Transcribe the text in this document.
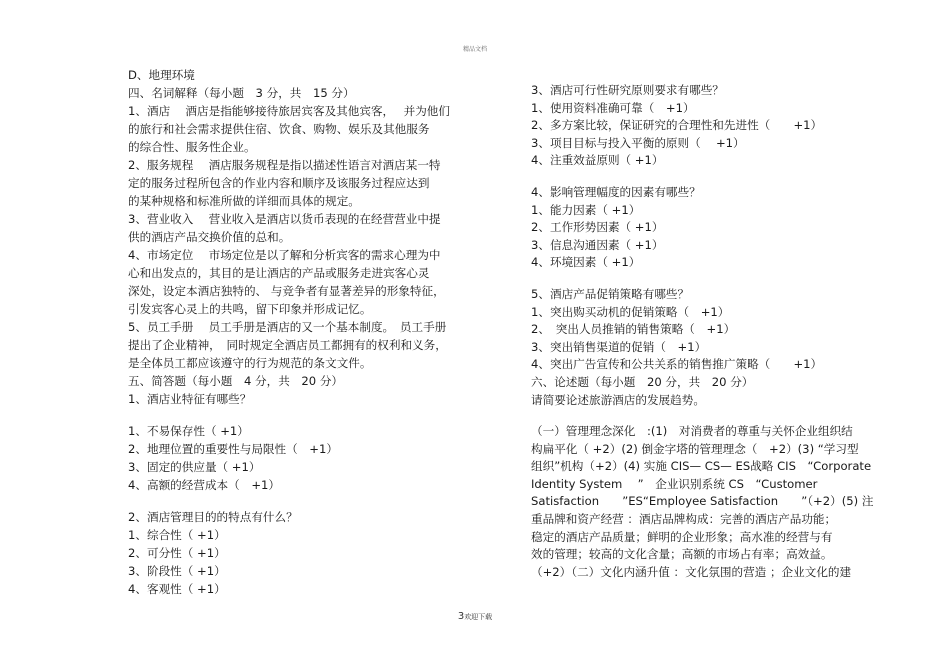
精品文档
D、地理环境
四、名词解释（每小题　3 分，共　15 分）
1、酒店　 酒店是指能够接待旅居宾客及其他宾客，　 并为他们
的旅行和社会需求提供住宿、饮食、购物、娱乐及其他服务
的综合性、服务性企业。
2、服务规程　 酒店服务规程是指以描述性语言对酒店某一特
定的服务过程所包含的作业内容和顺序及该服务过程应达到
的某种规格和标准所做的详细而具体的规定。
3、营业收入　 营业收入是酒店以货币表现的在经营营业中提
供的酒店产品交换价值的总和。
4、市场定位　 市场定位是以了解和分析宾客的需求心理为中
心和出发点的，其目的是让酒店的产品或服务走进宾客心灵
深处，设定本酒店独特的、 与竞争者有显著差异的形象特征，
引发宾客心灵上的共鸣，留下印象并形成记忆。
5、员工手册　 员工手册是酒店的又一个基本制度。　员工手册
提出了企业精神，　同时规定全酒店员工都拥有的权利和义务，
是全体员工都应该遵守的行为规范的条文文件。
五、简答题（每小题　4 分，共　20 分）
1、酒店业特征有哪些？
1、不易保存性（ +1）
2、地理位置的重要性与局限性（　+1）
3、固定的供应量（ +1）
4、高额的经营成本（　+1）
2、酒店管理目的的特点有什么？
1、综合性（ +1）
2、可分性（ +1）
3、阶段性（ +1）
4、客观性（ +1）
3、酒店可行性研究原则要求有哪些？
1、使用资料准确可靠（　+1）
2、多方案比较，保证研究的合理性和先进性（　　+1）
3、项目目标与投入平衡的原则（　 +1）
4、注重效益原则（ +1）
4、影响管理幅度的因素有哪些？
1、能力因素（ +1）
2、工作形势因素（ +1）
3、信息沟通因素（ +1）
4、环境因素（ +1）
5、酒店产品促销策略有哪些？
1、突出购买动机的促销策略（　+1）
2、　突出人员推销的销售策略（　+1）
3、突出销售渠道的促销（　+1）
4、突出广告宣传和公共关系的销售推广策略（　　+1）
六、论述题（每小题　20 分，共　20 分）
请简要论述旅游酒店的发展趋势。
（一）管理理念深化　:(1)　对消费者的尊重与关怀企业组织结
构扁平化（ +2）(2) 倒金字塔的管理理念（　+2）(3) “学习型
组织”机构（+2）(4) 实施 CIS— CS— ES战略 CIS　“Corporate
Identity System　 ”　企业识别系统 CS　“Customer
Satisfaction　　”ES“Employee Satisfaction　　”（+2）(5) 注
重品牌和资产经营 ：酒店品牌构成：完善的酒店产品功能；
稳定的酒店产品质量；鲜明的企业形象；高水准的经营与有
效的管理；较高的文化含量；高额的市场占有率；高效益。
（+2）（二）文化内涵升值 ：文化氛围的营造 ；企业文化的建
3欢迎下载
